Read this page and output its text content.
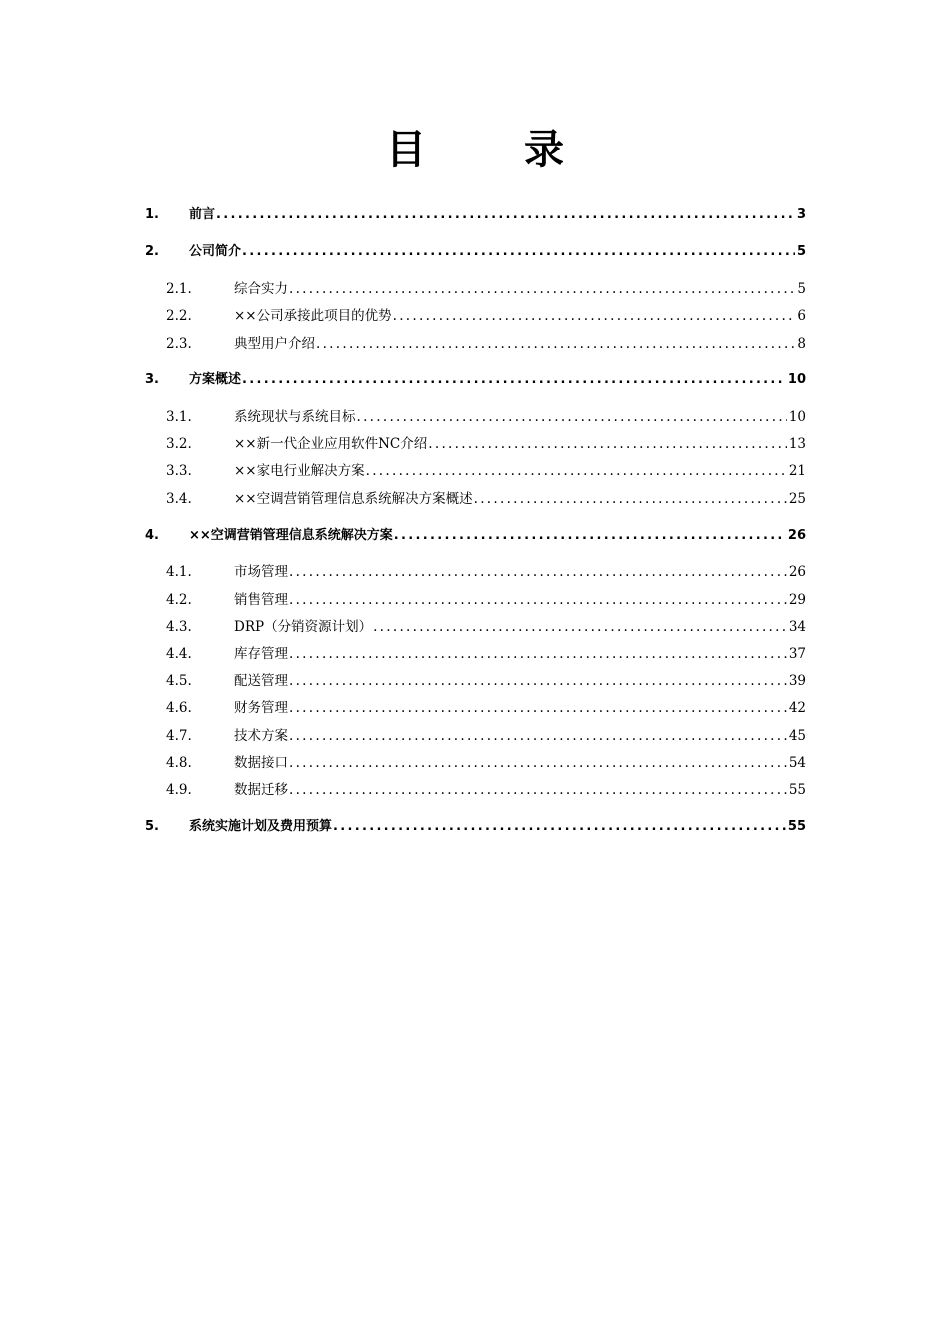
目 录
1. 前言 .....	3
2. 公司简介 .....	5
2.1.	综合实力 .....	5
2.2.	××公司承接此项目的优势 .....	6
2.3.	典型用户介绍 .....	8
3. 方案概述 .....	10
3.1.	系统现状与系统目标 .....	10
3.2.	××新一代企业应用软件NC介绍 .....	13
3.3.	××家电行业解决方案 .....	21
3.4.	××空调营销管理信息系统解决方案概述 .....	25
4. ××空调营销管理信息系统解决方案 .....	26
4.1.	市场管理 .....	26
4.2.	销售管理 .....	29
4.3.	DRP（分销资源计划） .....	34
4.4.	库存管理 .....	37
4.5.	配送管理 .....	39
4.6.	财务管理 .....	42
4.7.	技术方案 .....	45
4.8.	数据接口 .....	54
4.9.	数据迁移 .....	55
5. 系统实施计划及费用预算 .....	55
